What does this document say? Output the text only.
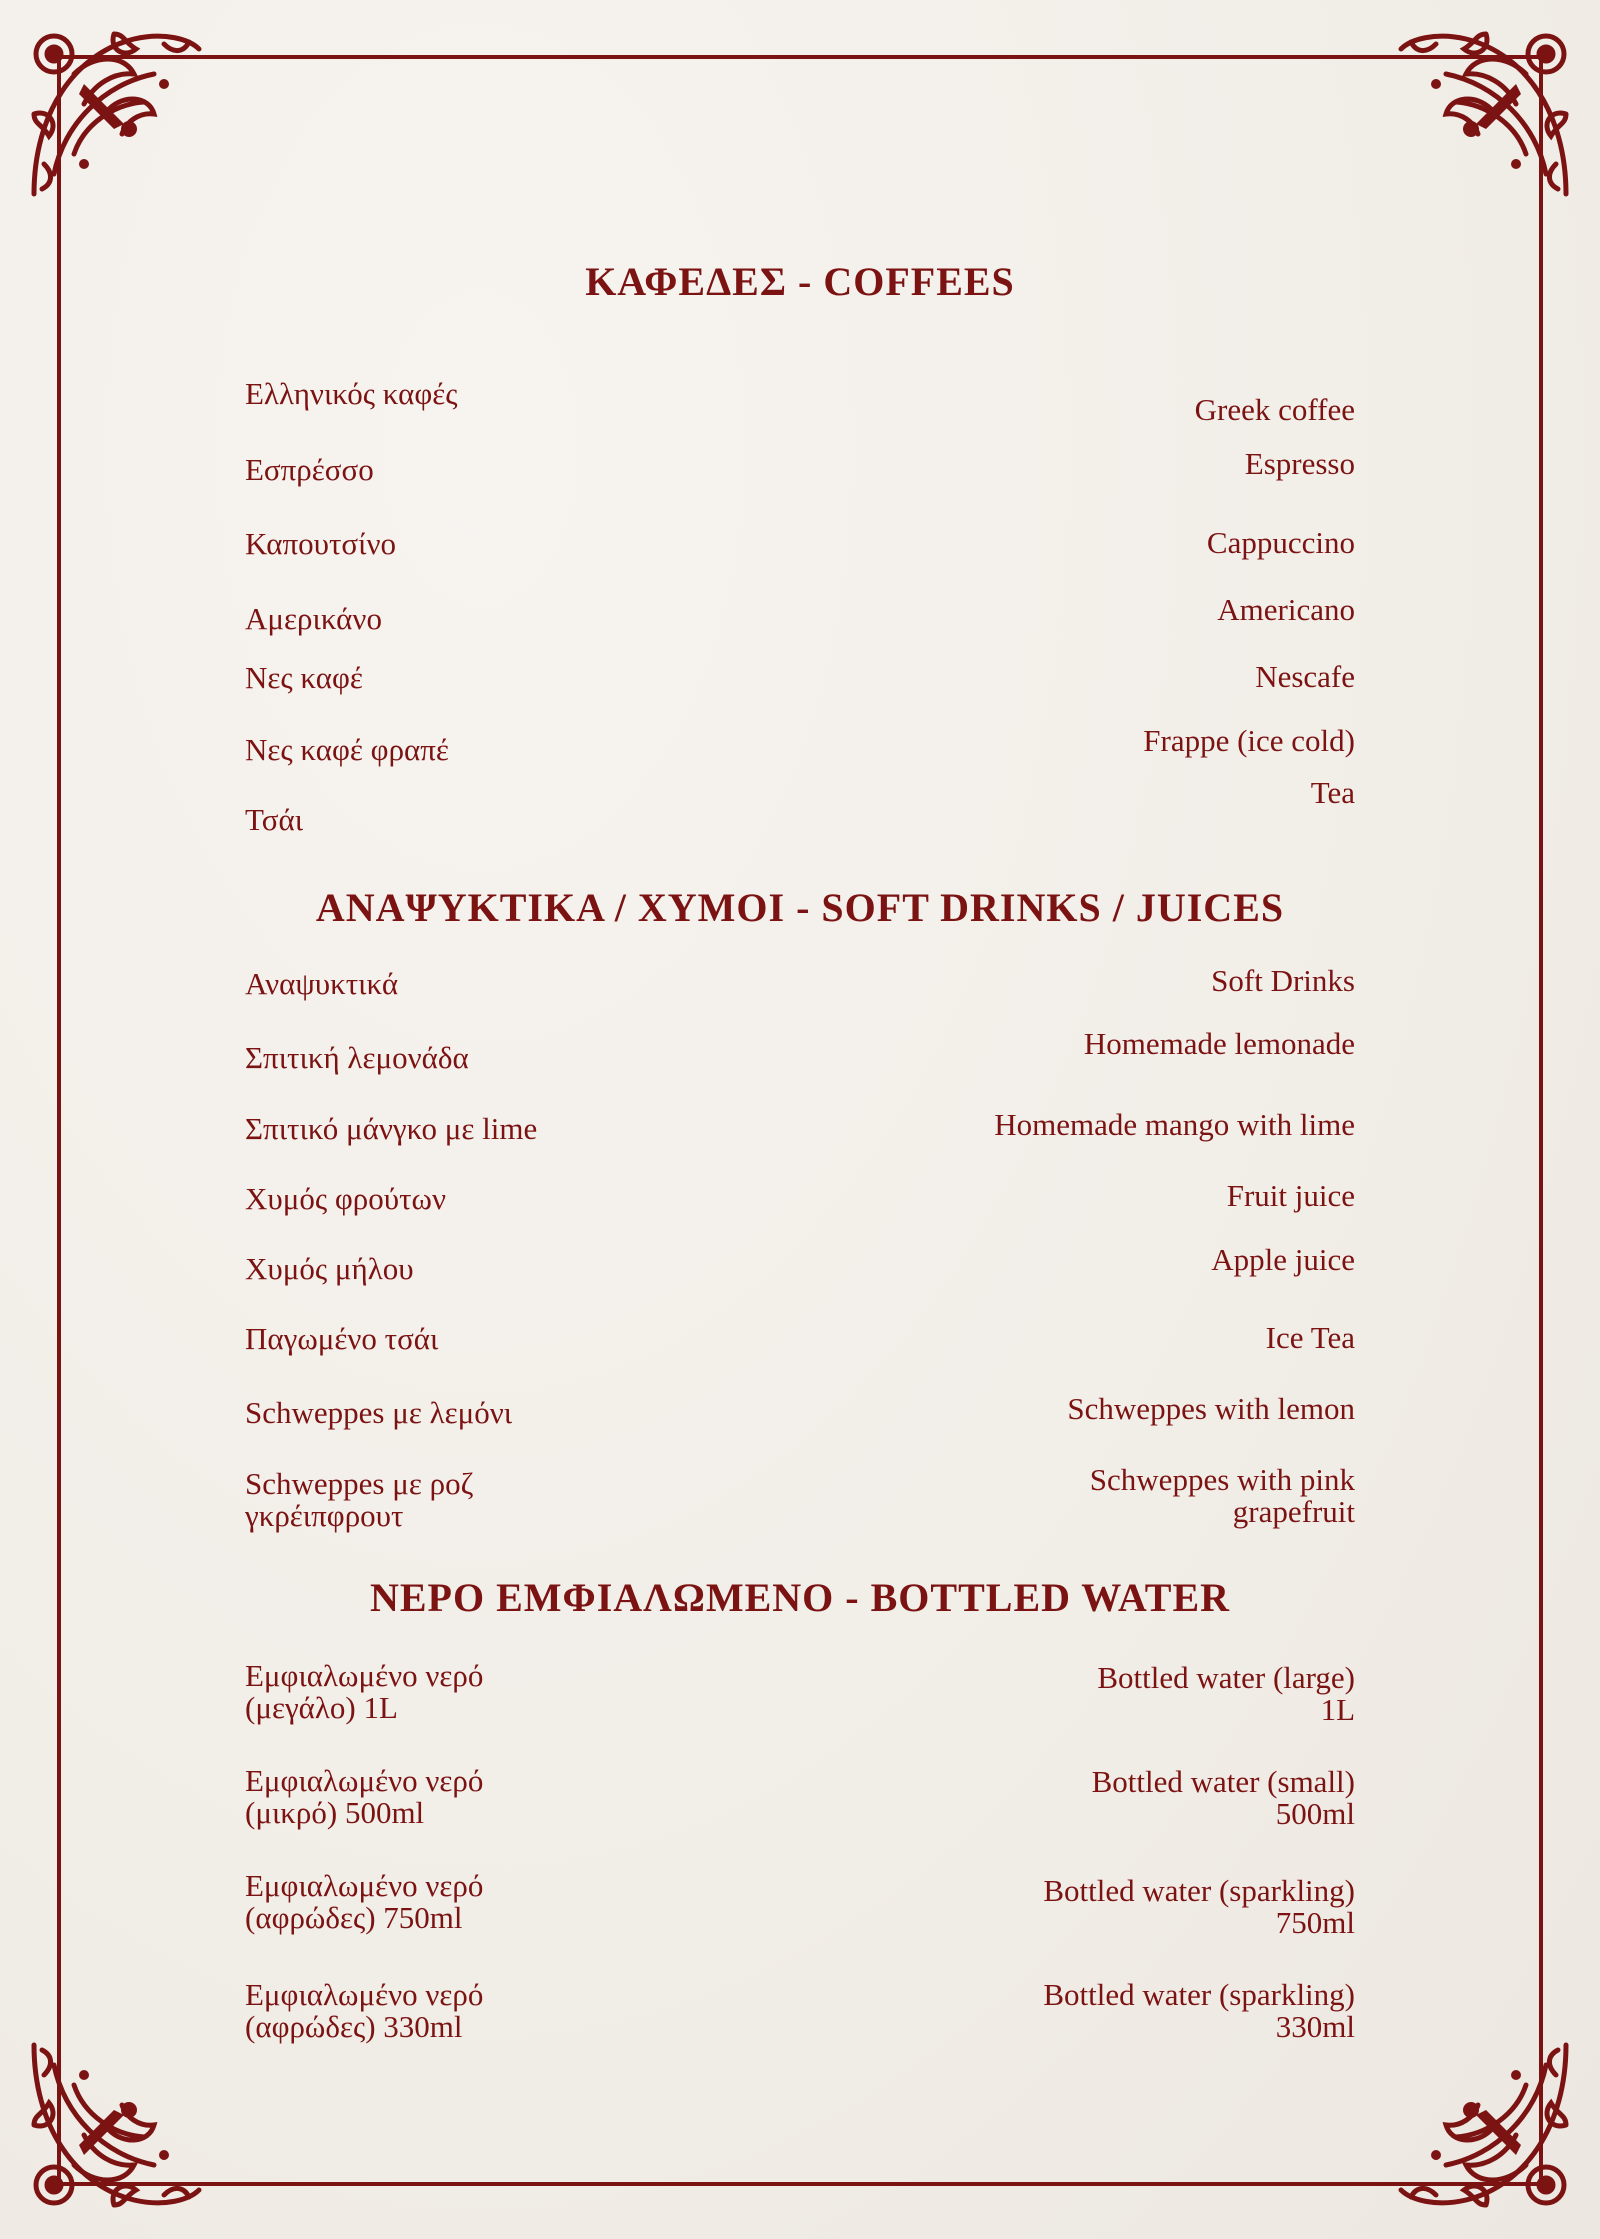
ΚΑΦΕΔΕΣ - COFFEES
Ελληνικός καφές
Εσπρέσσο
Καπουτσίνο
Αμερικάνο
Νες καφέ
Νες καφέ φραπέ
Τσάι
Greek coffee
Espresso
Cappuccino
Americano
Nescafe
Frappe (ice cold)
Tea
ΑΝΑΨΥΚΤΙΚΑ / ΧΥΜΟΙ - SOFT DRINKS / JUICES
Αναψυκτικά
Σπιτική λεμονάδα
Σπιτικό μάνγκο με lime
Χυμός φρούτων
Χυμός μήλου
Παγωμένο τσάι
Schweppes με λεμόνι
Schweppes με ροζ
γκρέιπφρουτ
Soft Drinks
Homemade lemonade
Homemade mango with lime
Fruit juice
Apple juice
Ice Tea
Schweppes with lemon
Schweppes with pink
grapefruit
ΝΕΡΟ ΕΜΦΙΑΛΩΜΕΝΟ - BOTTLED WATER
Εμφιαλωμένο νερό
(μεγάλο) 1L
Εμφιαλωμένο νερό
(μικρό) 500ml
Εμφιαλωμένο νερό
(αφρώδες) 750ml
Εμφιαλωμένο νερό
(αφρώδες) 330ml
Bottled water (large)
1L
Bottled water (small)
500ml
Bottled water (sparkling)
750ml
Bottled water (sparkling)
330ml
